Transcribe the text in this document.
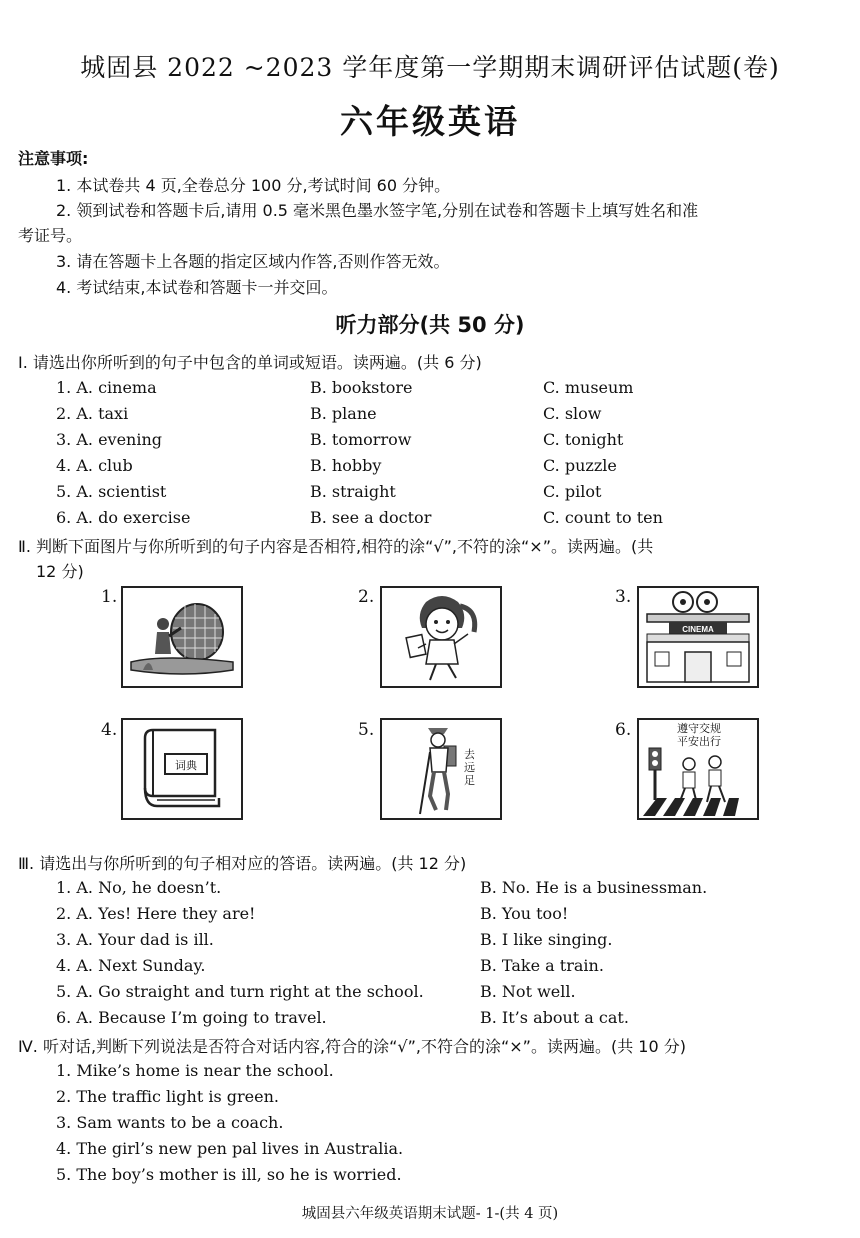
城固县 2022 ~2023 学年度第一学期期末调研评估试题(卷)
六年级英语
注意事项:
1. 本试卷共 4 页,全卷总分 100 分,考试时间 60 分钟。
2. 领到试卷和答题卡后,请用 0.5 毫米黑色墨水签字笔,分别在试卷和答题卡上填写姓名和准
考证号。
3. 请在答题卡上各题的指定区域内作答,否则作答无效。
4. 考试结束,本试卷和答题卡一并交回。
听力部分(共 50 分)
Ⅰ. 请选出你所听到的句子中包含的单词或短语。读两遍。(共 6 分)
1. A. cinema	B. bookstore	C. museum
2. A. taxi	B. plane	C. slow
3. A. evening	B. tomorrow	C. tonight
4. A. club	B. hobby	C. puzzle
5. A. scientist	B. straight	C. pilot
6. A. do exercise	B. see a doctor	C. count to ten
Ⅱ. 判断下面图片与你所听到的句子内容是否相符,相符的涂“√”,不符的涂“×”。读两遍。(共
12 分)
1.	2.	3.
CINEMA
4.
词典
5.
去远足
6.	遵守交规
平安出行
Ⅲ. 请选出与你所听到的句子相对应的答语。读两遍。(共 12 分)
1. A. No, he doesn’t.	B. No. He is a businessman.
2. A. Yes! Here they are!	B. You too!
3. A. Your dad is ill.	B. I like singing.
4. A. Next Sunday.	B. Take a train.
5. A. Go straight and turn right at the school.	B. Not well.
6. A. Because I’m going to travel.	B. It’s about a cat.
Ⅳ. 听对话,判断下列说法是否符合对话内容,符合的涂“√”,不符合的涂“×”。读两遍。(共 10 分)
1. Mike’s home is near the school.
2. The traffic light is green.
3. Sam wants to be a coach.
4. The girl’s new pen pal lives in Australia.
5. The boy’s mother is ill, so he is worried.
城固县六年级英语期末试题- 1-(共 4 页)
